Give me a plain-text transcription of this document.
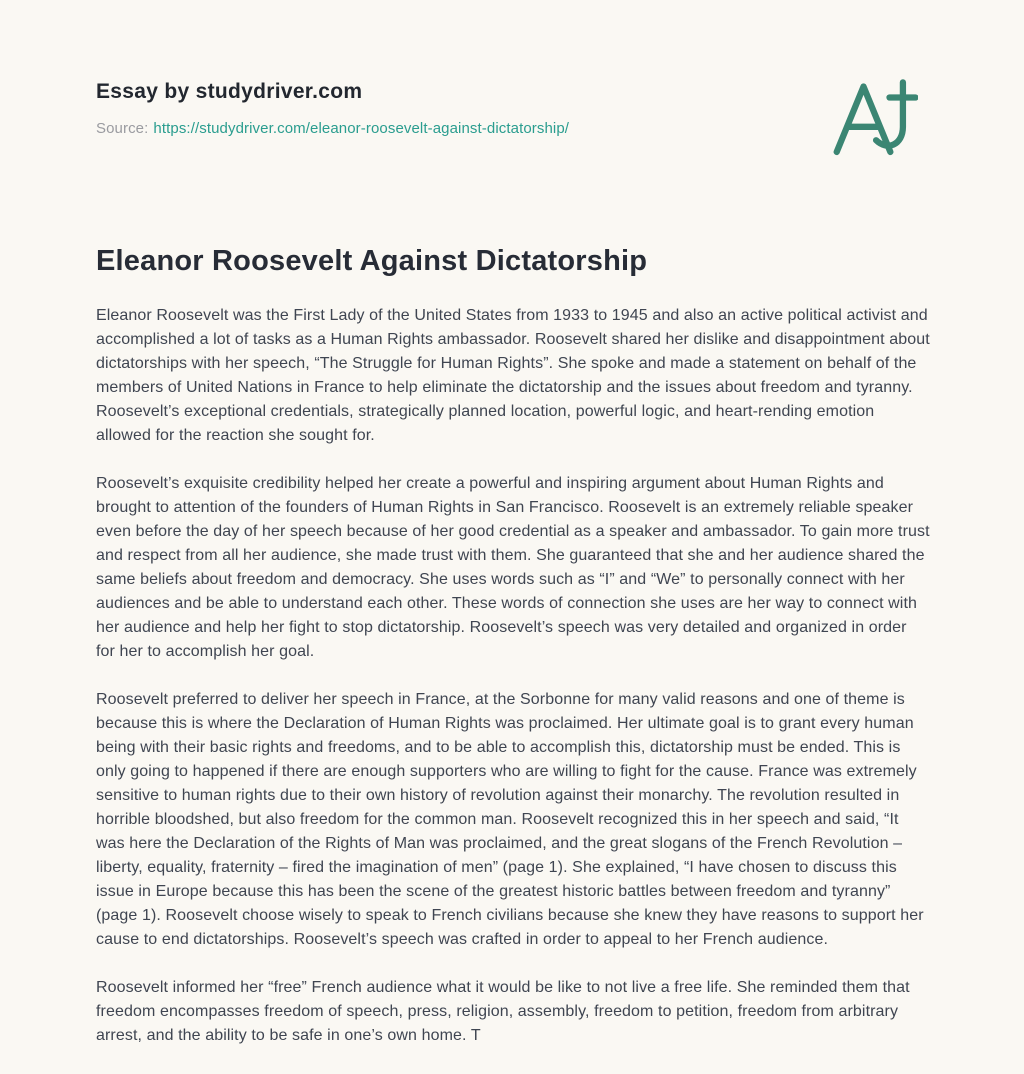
Essay by studydriver.com
Source: https://studydriver.com/eleanor-roosevelt-against-dictatorship/
Eleanor Roosevelt Against Dictatorship

Eleanor Roosevelt was the First Lady of the United States from 1933 to 1945 and also an active political activist and accomplished a lot of tasks as a Human Rights ambassador. Roosevelt shared her dislike and disappointment about dictatorships with her speech, “The Struggle for Human Rights”. She spoke and made a statement on behalf of the members of United Nations in France to help eliminate the dictatorship and the issues about freedom and tyranny. Roosevelt’s exceptional credentials, strategically planned location, powerful logic, and heart-rending emotion allowed for the reaction she sought for.

Roosevelt’s exquisite credibility helped her create a powerful and inspiring argument about Human Rights and brought to attention of the founders of Human Rights in San Francisco. Roosevelt is an extremely reliable speaker even before the day of her speech because of her good credential as a speaker and ambassador. To gain more trust and respect from all her audience, she made trust with them. She guaranteed that she and her audience shared the same beliefs about freedom and democracy. She uses words such as “I” and “We” to personally connect with her audiences and be able to understand each other. These words of connection she uses are her way to connect with her audience and help her fight to stop dictatorship. Roosevelt’s speech was very detailed and organized in order for her to accomplish her goal.

Roosevelt preferred to deliver her speech in France, at the Sorbonne for many valid reasons and one of theme is because this is where the Declaration of Human Rights was proclaimed. Her ultimate goal is to grant every human being with their basic rights and freedoms, and to be able to accomplish this, dictatorship must be ended. This is only going to happened if there are enough supporters who are willing to fight for the cause. France was extremely sensitive to human rights due to their own history of revolution against their monarchy. The revolution resulted in horrible bloodshed, but also freedom for the common man. Roosevelt recognized this in her speech and said, “It was here the Declaration of the Rights of Man was proclaimed, and the great slogans of the French Revolution – liberty, equality, fraternity – fired the imagination of men” (page 1). She explained, “I have chosen to discuss this issue in Europe because this has been the scene of the greatest historic battles between freedom and tyranny” (page 1). Roosevelt choose wisely to speak to French civilians because she knew they have reasons to support her cause to end dictatorships. Roosevelt’s speech was crafted in order to appeal to her French audience.

Roosevelt informed her “free” French audience what it would be like to not live a free life. She reminded them that freedom encompasses freedom of speech, press, religion, assembly, freedom to petition, freedom from arbitrary arrest, and the ability to be safe in one’s own home. T
